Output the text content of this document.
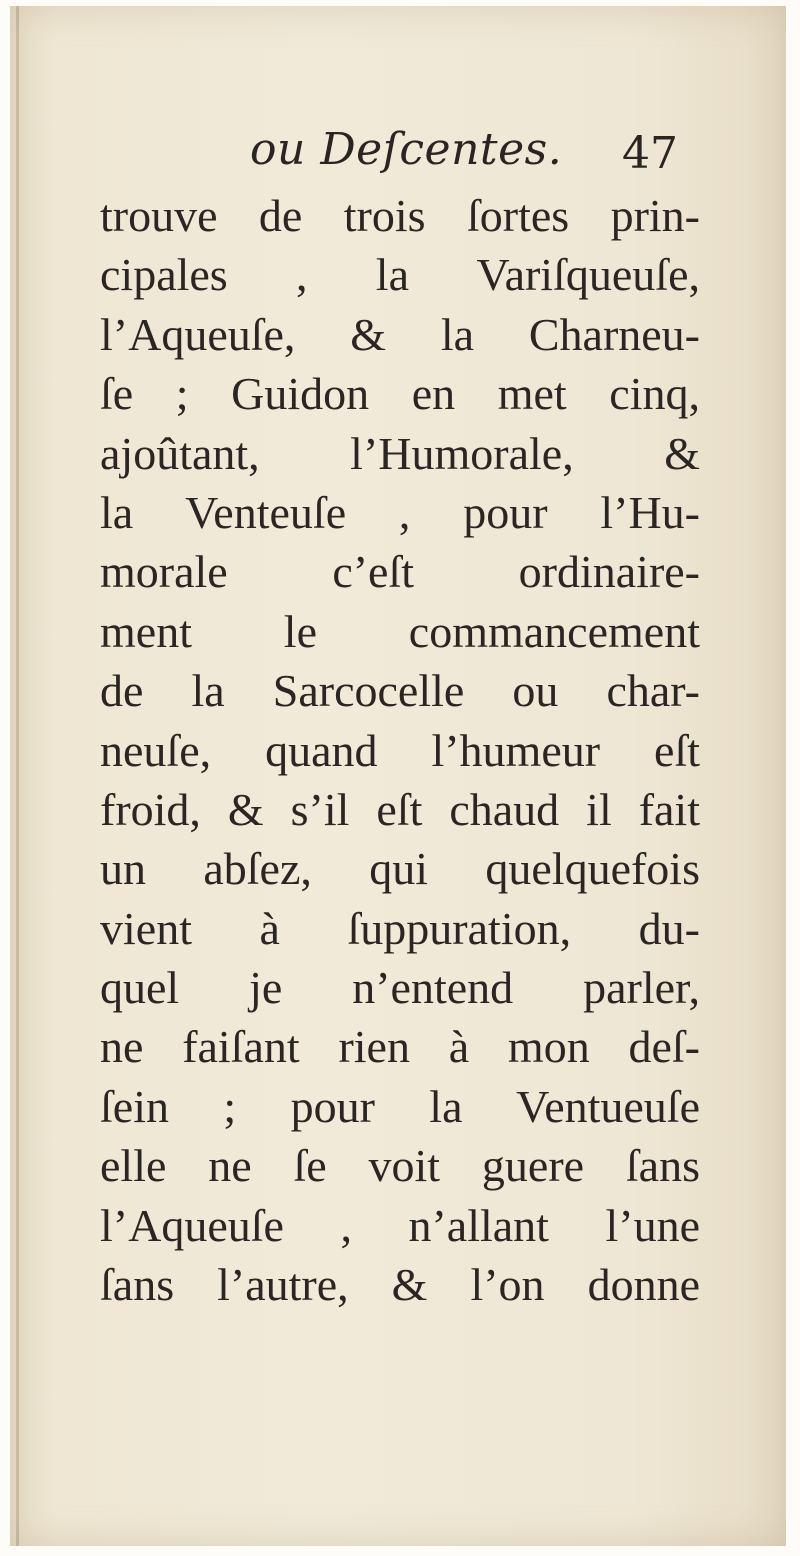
ou Deſcentes. 47
trouve de trois ſortes prin-
cipales , la Variſqueuſe,
l’Aqueuſe, & la Charneu-
ſe ; Guidon en met cinq,
ajoûtant, l’Humorale, &
la Venteuſe , pour l’Hu-
morale c’eſt ordinaire-
ment le commancement
de la Sarcocelle ou char-
neuſe, quand l’humeur eſt
froid, & s’il eſt chaud il fait
un abſez, qui quelquefois
vient à ſuppuration, du-
quel je n’entend parler,
ne faiſant rien à mon deſ-
ſein ; pour la Ventueuſe
elle ne ſe voit guere ſans
l’Aqueuſe , n’allant l’une
ſans l’autre, & l’on donne
